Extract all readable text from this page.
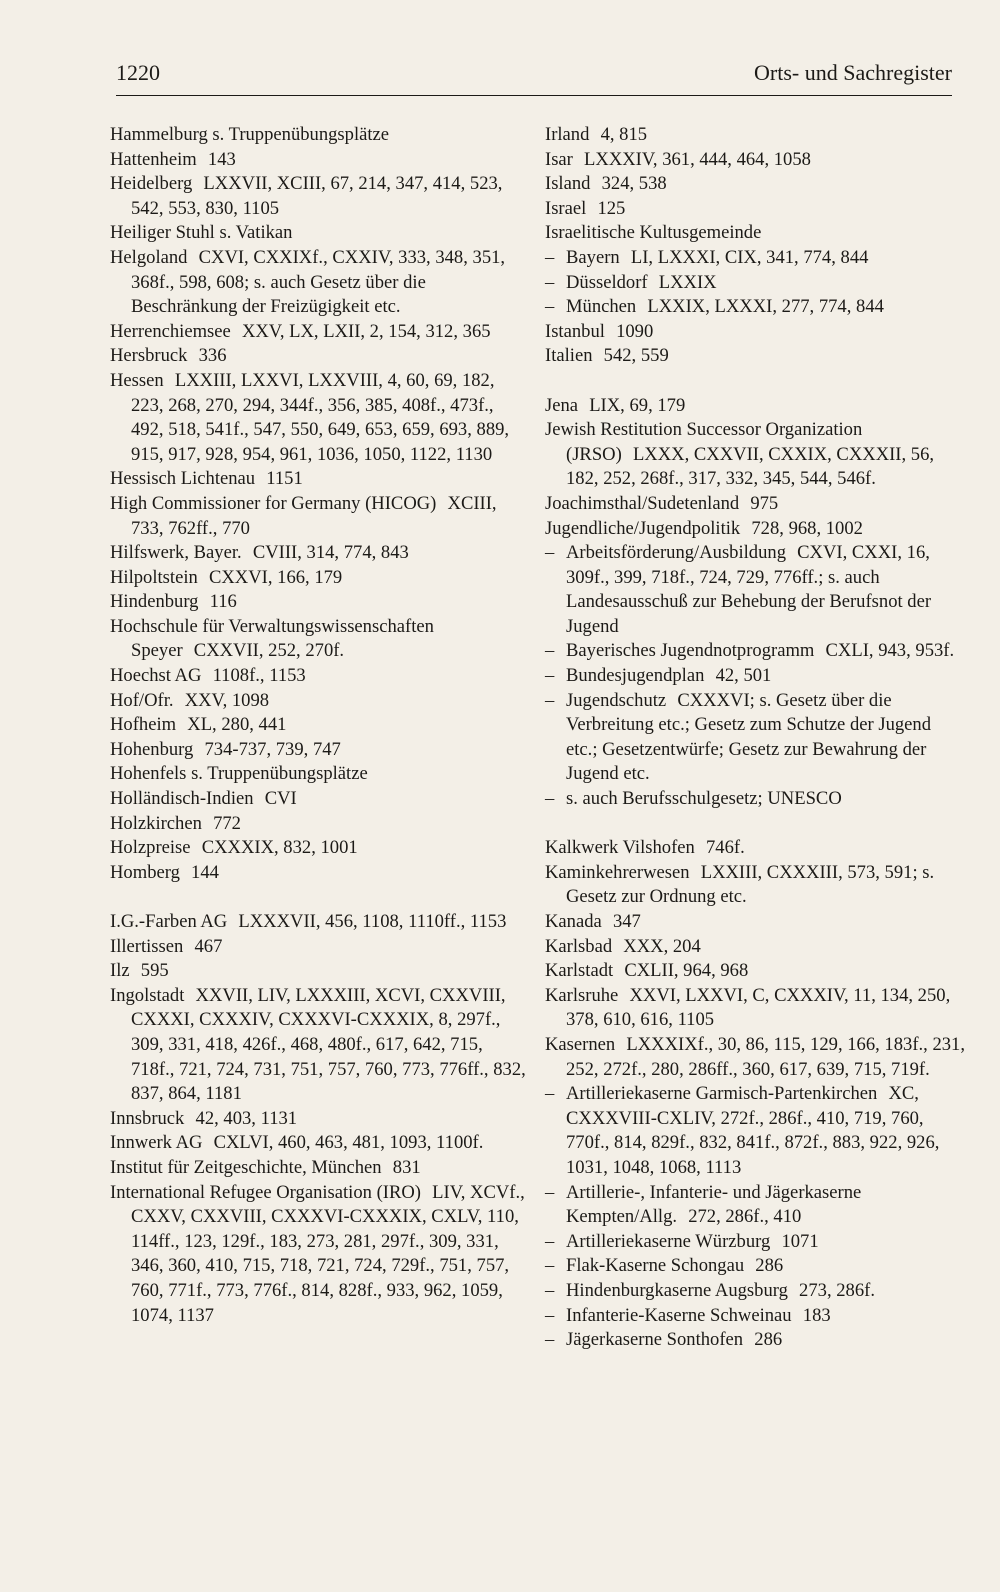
1220	Orts- und Sachregister

Hammelburg s. Truppenübungsplätze

Hattenheim 143

Heidelberg LXXVII, XCIII, 67, 214, 347, 414, 523, 542, 553, 830, 1105

Heiliger Stuhl s. Vatikan

Helgoland CXVI, CXXIXf., CXXIV, 333, 348, 351, 368f., 598, 608; s. auch Gesetz über die Beschränkung der Freizügigkeit etc.

Herrenchiemsee XXV, LX, LXII, 2, 154, 312, 365

Hersbruck 336

Hessen LXXIII, LXXVI, LXXVIII, 4, 60, 69, 182, 223, 268, 270, 294, 344f., 356, 385, 408f., 473f., 492, 518, 541f., 547, 550, 649, 653, 659, 693, 889, 915, 917, 928, 954, 961, 1036, 1050, 1122, 1130

Hessisch Lichtenau 1151

High Commissioner for Germany (HICOG) XCIII, 733, 762ff., 770

Hilfswerk, Bayer. CVIII, 314, 774, 843

Hilpoltstein CXXVI, 166, 179

Hindenburg 116

Hochschule für Verwaltungswissenschaften Speyer CXXVII, 252, 270f.

Hoechst AG 1108f., 1153

Hof/Ofr. XXV, 1098

Hofheim XL, 280, 441

Hohenburg 734-737, 739, 747

Hohenfels s. Truppenübungsplätze

Holländisch-Indien CVI

Holzkirchen 772

Holzpreise CXXXIX, 832, 1001

Homberg 144

I.G.-Farben AG LXXXVII, 456, 1108, 1110ff., 1153

Illertissen 467

Ilz 595

Ingolstadt XXVII, LIV, LXXXIII, XCVI, CXXVIII, CXXXI, CXXXIV, CXXXVI-CXXXIX, 8, 297f., 309, 331, 418, 426f., 468, 480f., 617, 642, 715, 718f., 721, 724, 731, 751, 757, 760, 773, 776ff., 832, 837, 864, 1181

Innsbruck 42, 403, 1131

Innwerk AG CXLVI, 460, 463, 481, 1093, 1100f.

Institut für Zeitgeschichte, München 831

International Refugee Organisation (IRO) LIV, XCVf., CXXV, CXXVIII, CXXXVI-CXXXIX, CXLV, 110, 114ff., 123, 129f., 183, 273, 281, 297f., 309, 331, 346, 360, 410, 715, 718, 721, 724, 729f., 751, 757, 760, 771f., 773, 776f., 814, 828f., 933, 962, 1059, 1074, 1137

Irland 4, 815

Isar LXXXIV, 361, 444, 464, 1058

Island 324, 538

Israel 125

Israelitische Kultusgemeinde

– Bayern LI, LXXXI, CIX, 341, 774, 844

– Düsseldorf LXXIX

– München LXXIX, LXXXI, 277, 774, 844

Istanbul 1090

Italien 542, 559

Jena LIX, 69, 179

Jewish Restitution Successor Organization (JRSO) LXXX, CXXVII, CXXIX, CXXXII, 56, 182, 252, 268f., 317, 332, 345, 544, 546f.

Joachimsthal/Sudetenland 975

Jugendliche/Jugendpolitik 728, 968, 1002

– Arbeitsförderung/Ausbildung CXVI, CXXI, 16, 309f., 399, 718f., 724, 729, 776ff.; s. auch Landesausschuß zur Behebung der Berufsnot der Jugend

– Bayerisches Jugendnotprogramm CXLI, 943, 953f.

– Bundesjugendplan 42, 501

– Jugendschutz CXXXVI; s. Gesetz über die Verbreitung etc.; Gesetz zum Schutze der Jugend etc.; Gesetzentwürfe; Gesetz zur Bewahrung der Jugend etc.

– s. auch Berufsschulgesetz; UNESCO

Kalkwerk Vilshofen 746f.

Kaminkehrerwesen LXXIII, CXXXIII, 573, 591; s. Gesetz zur Ordnung etc.

Kanada 347

Karlsbad XXX, 204

Karlstadt CXLII, 964, 968

Karlsruhe XXVI, LXXVI, C, CXXXIV, 11, 134, 250, 378, 610, 616, 1105

Kasernen LXXXIXf., 30, 86, 115, 129, 166, 183f., 231, 252, 272f., 280, 286ff., 360, 617, 639, 715, 719f.

– Artilleriekaserne Garmisch-Partenkirchen XC, CXXXVIII-CXLIV, 272f., 286f., 410, 719, 760, 770f., 814, 829f., 832, 841f., 872f., 883, 922, 926, 1031, 1048, 1068, 1113

– Artillerie-, Infanterie- und Jägerkaserne Kempten/Allg. 272, 286f., 410

– Artilleriekaserne Würzburg 1071

– Flak-Kaserne Schongau 286

– Hindenburgkaserne Augsburg 273, 286f.

– Infanterie-Kaserne Schweinau 183

– Jägerkaserne Sonthofen 286
